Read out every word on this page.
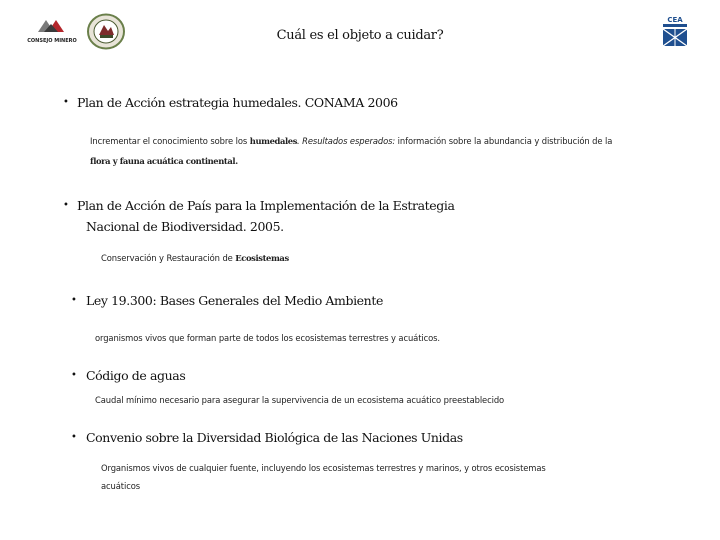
CONSEJO MINERO
CEA
Cuál es el objeto a cuidar?
• Plan de Acción estrategia humedales. CONAMA 2006
Incrementar el conocimiento sobre los humedales. Resultados esperados: información sobre la abundancia y distribución de la
flora y fauna acuática continental.
• Plan de Acción de País para la Implementación de la Estrategia
Nacional de Biodiversidad. 2005.
Conservación y Restauración de Ecosistemas
• Ley 19.300: Bases Generales del Medio Ambiente
organismos vivos que forman parte de todos los ecosistemas terrestres y acuáticos.
• Código de aguas
Caudal mínimo necesario para asegurar la supervivencia de un ecosistema acuático preestablecido
• Convenio sobre la Diversidad Biológica de las Naciones Unidas
Organismos vivos de cualquier fuente, incluyendo los ecosistemas terrestres y marinos, y otros ecosistemas
acuáticos
